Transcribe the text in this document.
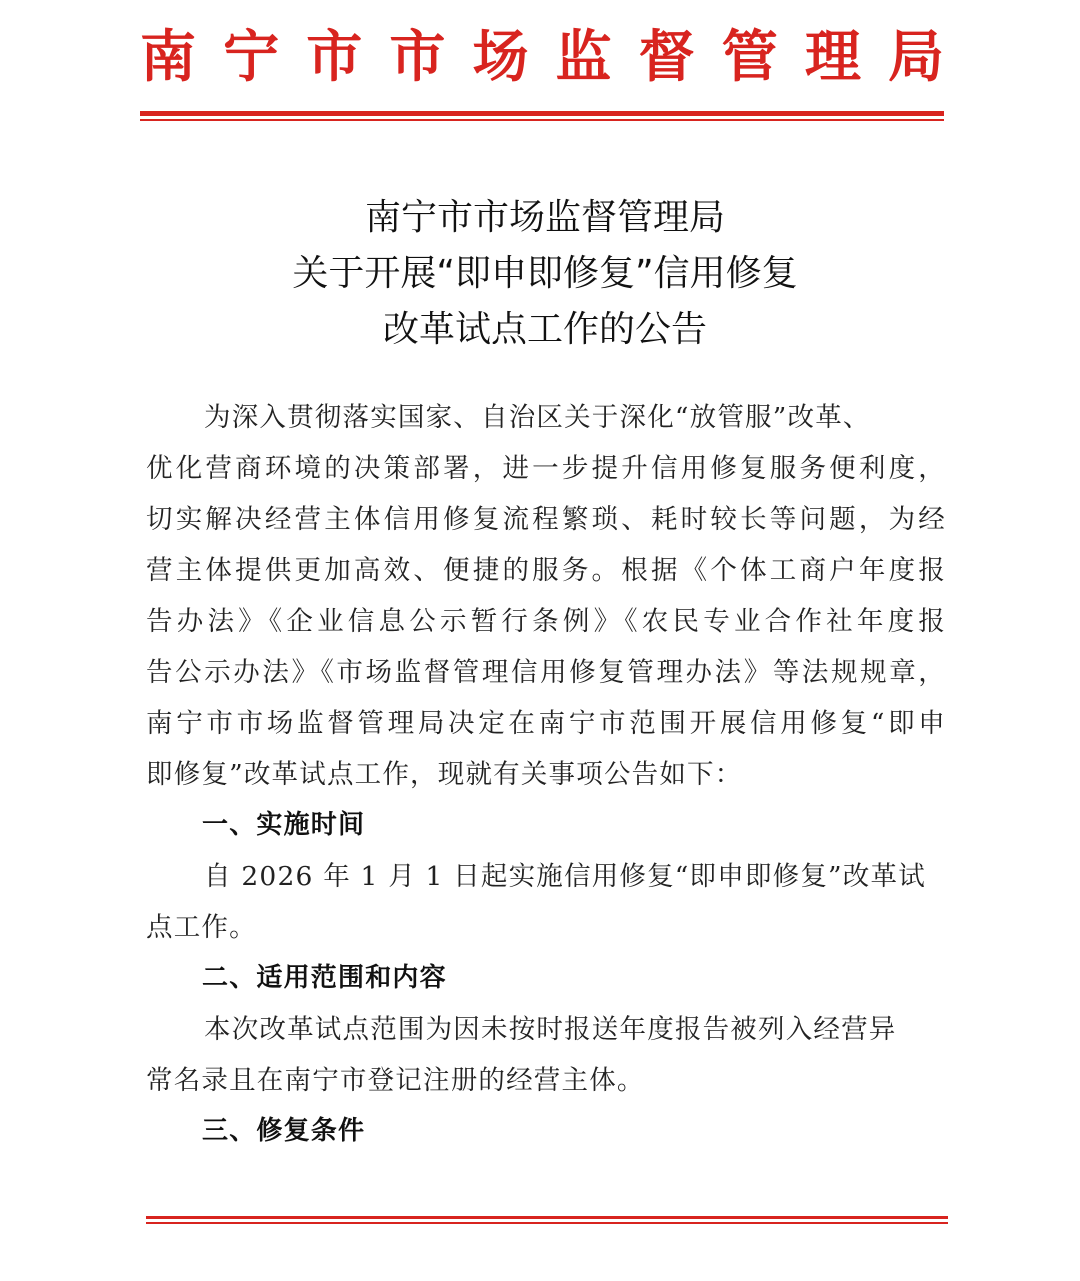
南 宁 市 市 场 监 督 管 理 局
南宁市市场监督管理局
关于开展“即申即修复”信用修复
改革试点工作的公告
为深入贯彻落实国家、自治区关于深化“放管服”改革、
优化营商环境的决策部署，进一步提升信用修复服务便利度，
切实解决经营主体信用修复流程繁琐、耗时较长等问题，为经
营主体提供更加高效、便捷的服务。根据《个体工商户年度报
告办法》《企业信息公示暂行条例》《农民专业合作社年度报
告公示办法》《市场监督管理信用修复管理办法》等法规规章，
南宁市市场监督管理局决定在南宁市范围开展信用修复“即申
即修复”改革试点工作，现就有关事项公告如下：
一、实施时间
自 2026 年 1 月 1 日起实施信用修复“即申即修复”改革试
点工作。
二、适用范围和内容
本次改革试点范围为因未按时报送年度报告被列入经营异
常名录且在南宁市登记注册的经营主体。
三、修复条件
